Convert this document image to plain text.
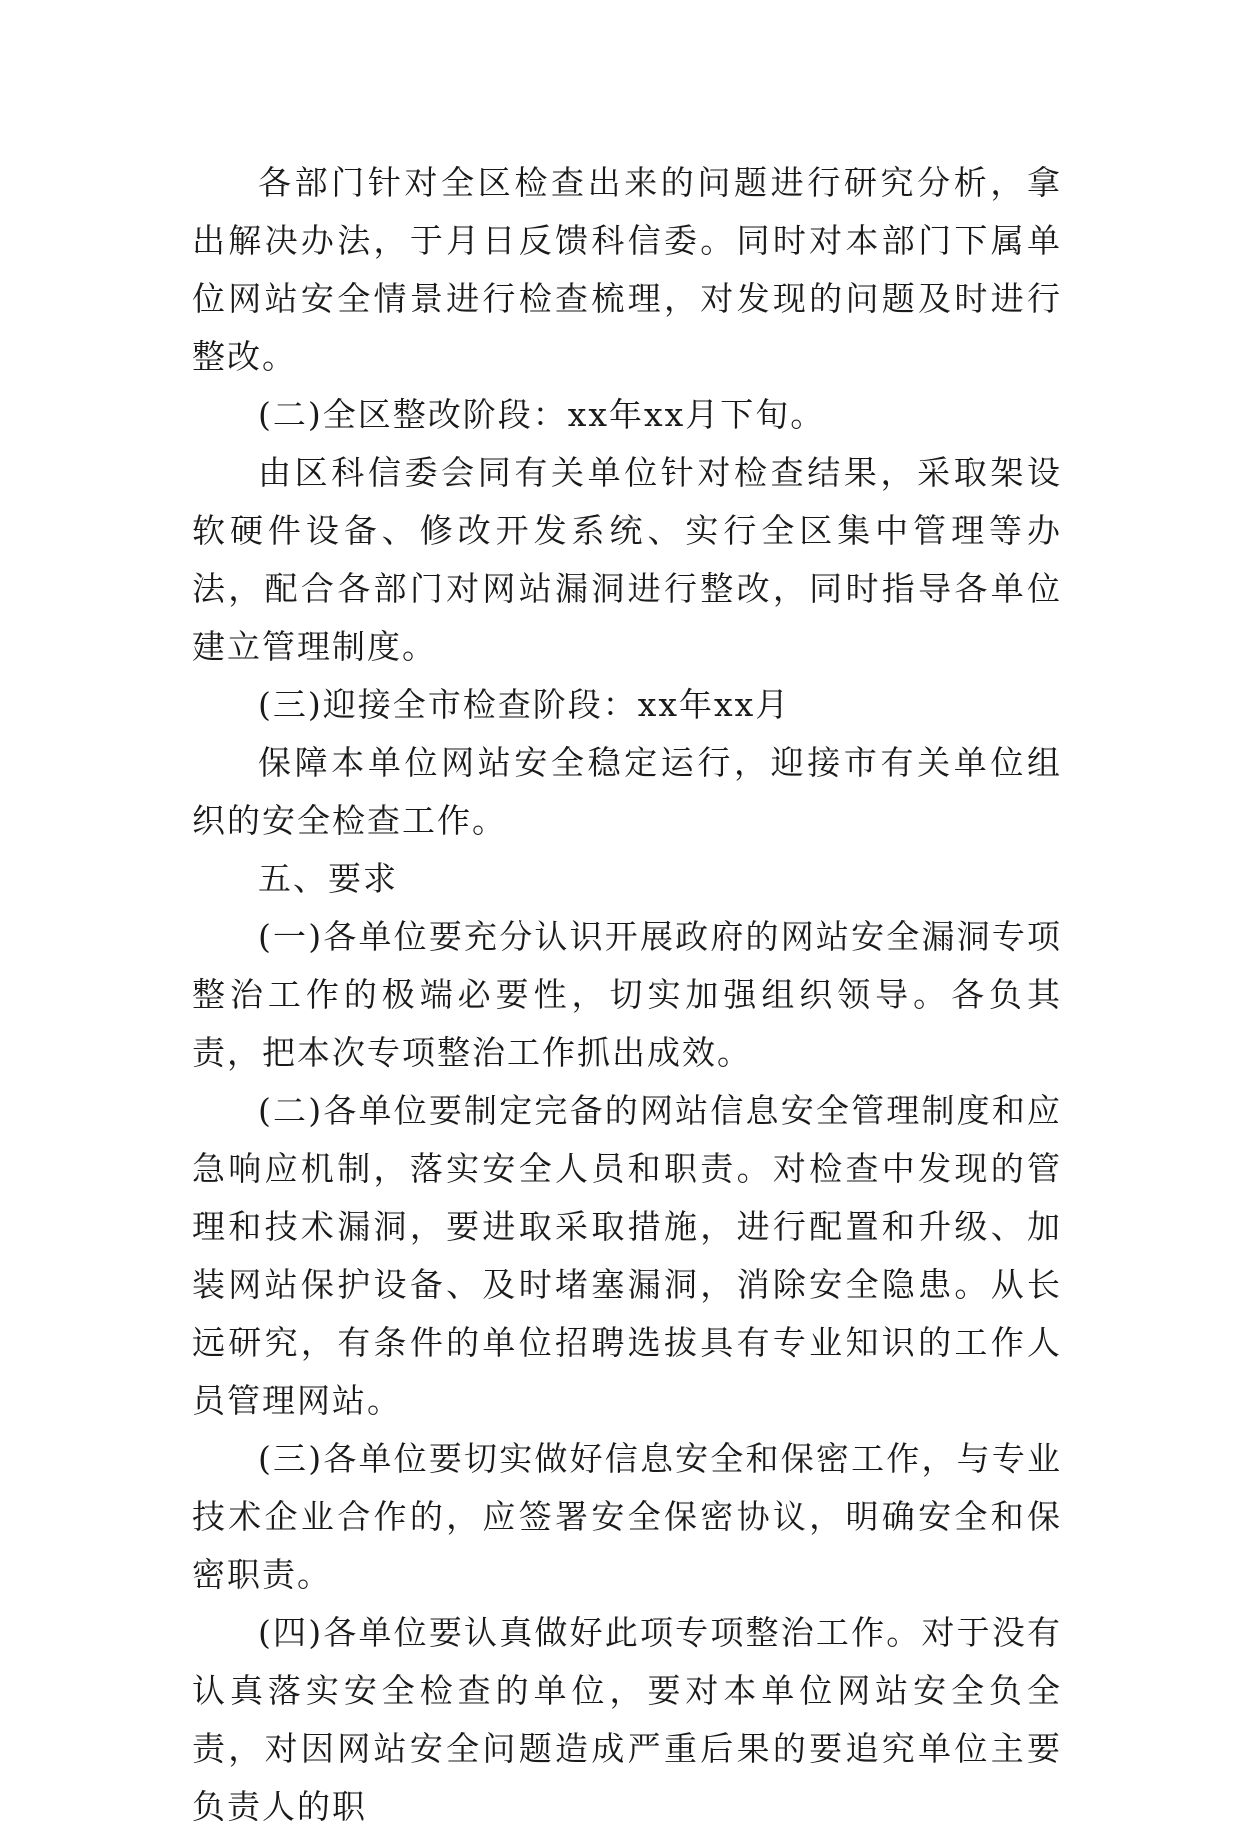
各部门针对全区检查出来的问题进行研究分析，拿出解决办法，于月日反馈科信委。同时对本部门下属单位网站安全情景进行检查梳理，对发现的问题及时进行整改。

(二)全区整改阶段：xx年xx月下旬。

由区科信委会同有关单位针对检查结果，采取架设软硬件设备、修改开发系统、实行全区集中管理等办法，配合各部门对网站漏洞进行整改，同时指导各单位建立管理制度。

(三)迎接全市检查阶段：xx年xx月

保障本单位网站安全稳定运行，迎接市有关单位组织的安全检查工作。

五、要求

(一)各单位要充分认识开展政府的网站安全漏洞专项整治工作的极端必要性，切实加强组织领导。各负其责，把本次专项整治工作抓出成效。

(二)各单位要制定完备的网站信息安全管理制度和应急响应机制，落实安全人员和职责。对检查中发现的管理和技术漏洞，要进取采取措施，进行配置和升级、加装网站保护设备、及时堵塞漏洞，消除安全隐患。从长远研究，有条件的单位招聘选拔具有专业知识的工作人员管理网站。

(三)各单位要切实做好信息安全和保密工作，与专业技术企业合作的，应签署安全保密协议，明确安全和保密职责。

(四)各单位要认真做好此项专项整治工作。对于没有认真落实安全检查的单位，要对本单位网站安全负全责，对因网站安全问题造成严重后果的要追究单位主要负责人的职
